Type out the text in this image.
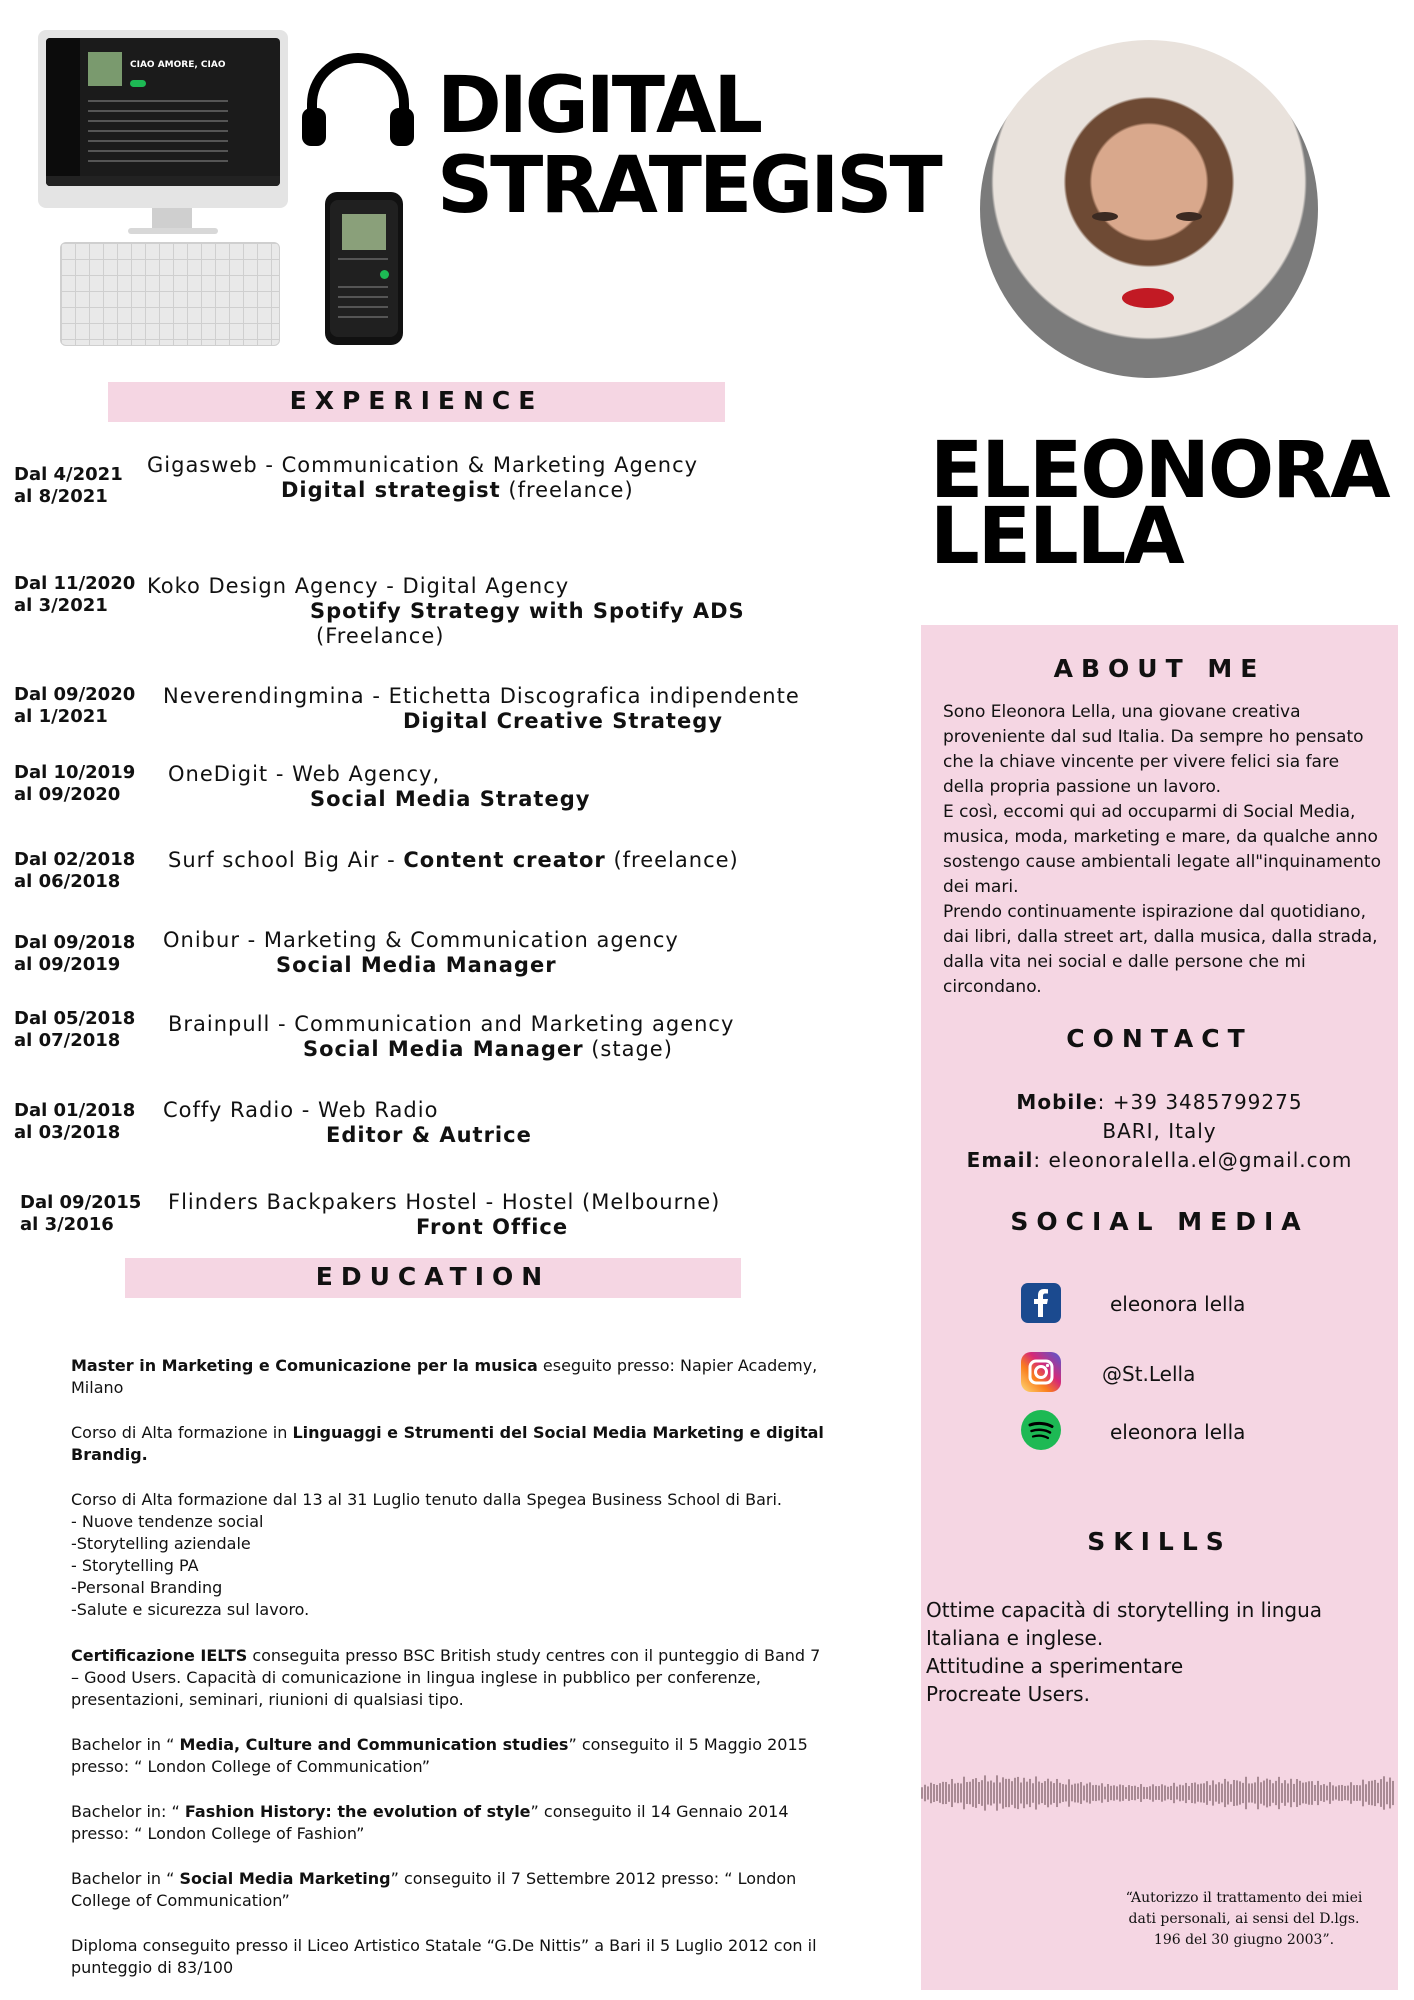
CIAO AMORE, CIAO	DIGITAL
STRATEGIST
ELEONORA
LELLA
EXPERIENCE
Dal 4/2021
al 8/2021
Gigasweb - Communication & Marketing Agency
Digital strategist (freelance)
Dal 11/2020
al 3/2021
Koko Design Agency - Digital Agency
Spotify Strategy with Spotify ADS
(Freelance)
Dal 09/2020
al 1/2021
Neverendingmina - Etichetta Discografica indipendente
Digital Creative Strategy
Dal 10/2019
al 09/2020
OneDigit - Web Agency,
Social Media Strategy
Dal 02/2018
al 06/2018
Surf school Big Air - Content creator (freelance)
Dal 09/2018
al 09/2019
Onibur - Marketing & Communication agency
Social Media Manager
Dal 05/2018
al 07/2018
Brainpull - Communication and Marketing agency
Social Media Manager (stage)
Dal 01/2018
al 03/2018
Coffy Radio - Web Radio
Editor & Autrice
Dal 09/2015
al 3/2016
Flinders Backpakers Hostel - Hostel (Melbourne)
Front Office
EDUCATION

Master in Marketing e Comunicazione per la musica eseguito presso: Napier Academy, Milano

Corso di Alta formazione in Linguaggi e Strumenti del Social Media Marketing e digital Brandig.

Corso di Alta formazione dal 13 al 31 Luglio tenuto dalla Spegea Business School di Bari.

- Nuove tendenze social

-Storytelling aziendale

- Storytelling PA

-Personal Branding

-Salute e sicurezza sul lavoro.

Certificazione IELTS conseguita presso BSC British study centres con il punteggio di Band 7 – Good Users. Capacità di comunicazione in lingua inglese in pubblico per conferenze, presentazioni, seminari, riunioni di qualsiasi tipo.

Bachelor in “ Media, Culture and Communication studies” conseguito il 5 Maggio 2015 presso: “ London College of Communication”

Bachelor in: “ Fashion History: the evolution of style” conseguito il 14 Gennaio 2014 presso: “ London College of Fashion”

Bachelor in “ Social Media Marketing” conseguito il 7 Settembre 2012 presso: “ London College of Communication”

Diploma conseguito presso il Liceo Artistico Statale “G.De Nittis” a Bari il 5 Luglio 2012 con il punteggio di 83/100

ABOUT ME

Sono Eleonora Lella, una giovane creativa proveniente dal sud Italia. Da sempre ho pensato che la chiave vincente per vivere felici sia fare della propria passione un lavoro.
E così, eccomi qui ad occuparmi di Social Media, musica, moda, marketing e mare, da qualche anno sostengo cause ambientali legate all"inquinamento dei mari.
Prendo continuamente ispirazione dal quotidiano, dai libri, dalla street art, dalla musica, dalla strada, dalla vita nei social e dalle persone che mi circondano.

CONTACT
Mobile: +39 3485799275
BARI, Italy
Email: eleonoralella.el@gmail.com
SOCIAL MEDIA
eleonora lella
@St.Lella
eleonora lella
SKILLS

Ottime capacità di storytelling in lingua Italiana e inglese.
Attitudine a sperimentare
Procreate Users.

“Autorizzo il trattamento dei miei dati personali, ai sensi del D.lgs. 196 del 30 giugno 2003”.
